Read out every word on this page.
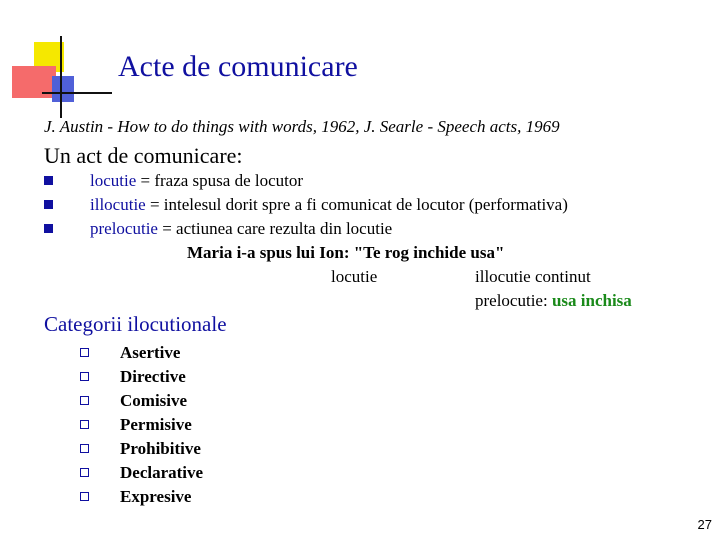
Acte de comunicare
J. Austin - How to do things with words, 1962, J. Searle - Speech acts, 1969
Un act de comunicare:
locutie = fraza spusa de locutor
illocutie = intelesul dorit spre a fi comunicat de locutor (performativa)
prelocutie = actiunea care rezulta din locutie
Maria i-a spus lui Ion: "Te rog inchide usa"
locutie	illocutie continut
prelocutie: usa inchisa
Categorii ilocutionale
Asertive
Directive
Comisive
Permisive
Prohibitive
Declarative
Expresive
27
